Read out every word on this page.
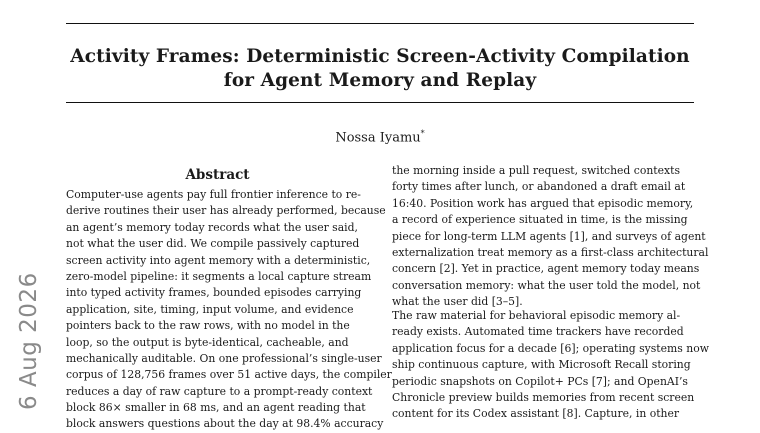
Activity Frames: Deterministic Screen-Activity Compilation
for Agent Memory and Replay
Nossa Iyamu*
Abstract
Computer-use agents pay full frontier inference to re-
derive routines their user has already performed, because
an agent’s memory today records what the user said,
not what the user did. We compile passively captured
screen activity into agent memory with a deterministic,
zero-model pipeline: it segments a local capture stream
into typed activity frames, bounded episodes carrying
application, site, timing, input volume, and evidence
pointers back to the raw rows, with no model in the
loop, so the output is byte-identical, cacheable, and
mechanically auditable. On one professional’s single-user
corpus of 128,756 frames over 51 active days, the compiler
reduces a day of raw capture to a prompt-ready context
block 86× smaller in 68 ms, and an agent reading that
block answers questions about the day at 98.4% accuracy
the morning inside a pull request, switched contexts
forty times after lunch, or abandoned a draft email at
16:40. Position work has argued that episodic memory,
a record of experience situated in time, is the missing
piece for long-term LLM agents [1], and surveys of agent
externalization treat memory as a first-class architectural
concern [2]. Yet in practice, agent memory today means
conversation memory: what the user told the model, not
what the user did [3–5].
The raw material for behavioral episodic memory al-
ready exists. Automated time trackers have recorded
application focus for a decade [6]; operating systems now
ship continuous capture, with Microsoft Recall storing
periodic snapshots on Copilot+ PCs [7]; and OpenAI’s
Chronicle preview builds memories from recent screen
content for its Codex assistant [8]. Capture, in other
6 Aug 2026
